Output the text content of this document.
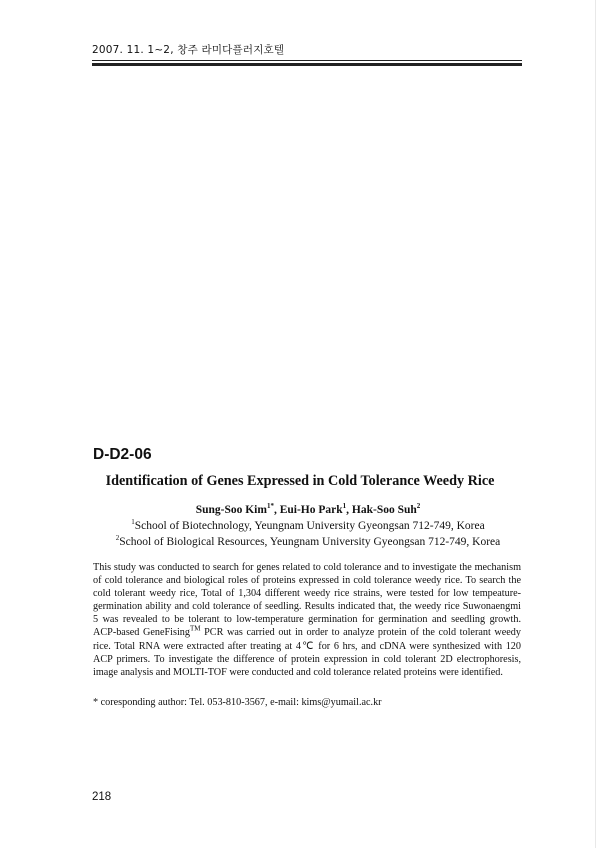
2007. 11. 1~2, 창주 라미다플러지호텔
D-D2-06
Identification of Genes Expressed in Cold Tolerance Weedy Rice
Sung-Soo Kim$^{1*}$, Eui-Ho Park$^1$, Hak-Soo Suh$^2$
$^1$School of Biotechnology, Yeungnam University Gyeongsan 712-749, Korea
$^2$School of Biological Resources, Yeungnam University Gyeongsan 712-749, Korea

This study was conducted to search for genes related to cold tolerance and to investigate the mechanism of cold tolerance and biological roles of proteins expressed in cold tolerance weedy rice. To search the cold tolerant weedy rice, Total of 1,304 different weedy rice strains, were tested for low tempeature-germination ability and cold tolerance of seedling. Results indicated that, the weedy rice Suwonaengmi 5 was revealed to be tolerant to low-temperature germination for germination and seedling growth. ACP-based GeneFising™ PCR was carried out in order to analyze protein of the cold tolerant weedy rice. Total RNA were extracted after treating at 4℃ for 6 hrs, and cDNA were synthesized with 120 ACP primers. To investigate the difference of protein expression in cold tolerant 2D electrophoresis, image analysis and MOLTI-TOF were conducted and cold tolerance related proteins were identified.

* coresponding author: Tel. 053-810-3567, e-mail: kims@yumail.ac.kr
218
